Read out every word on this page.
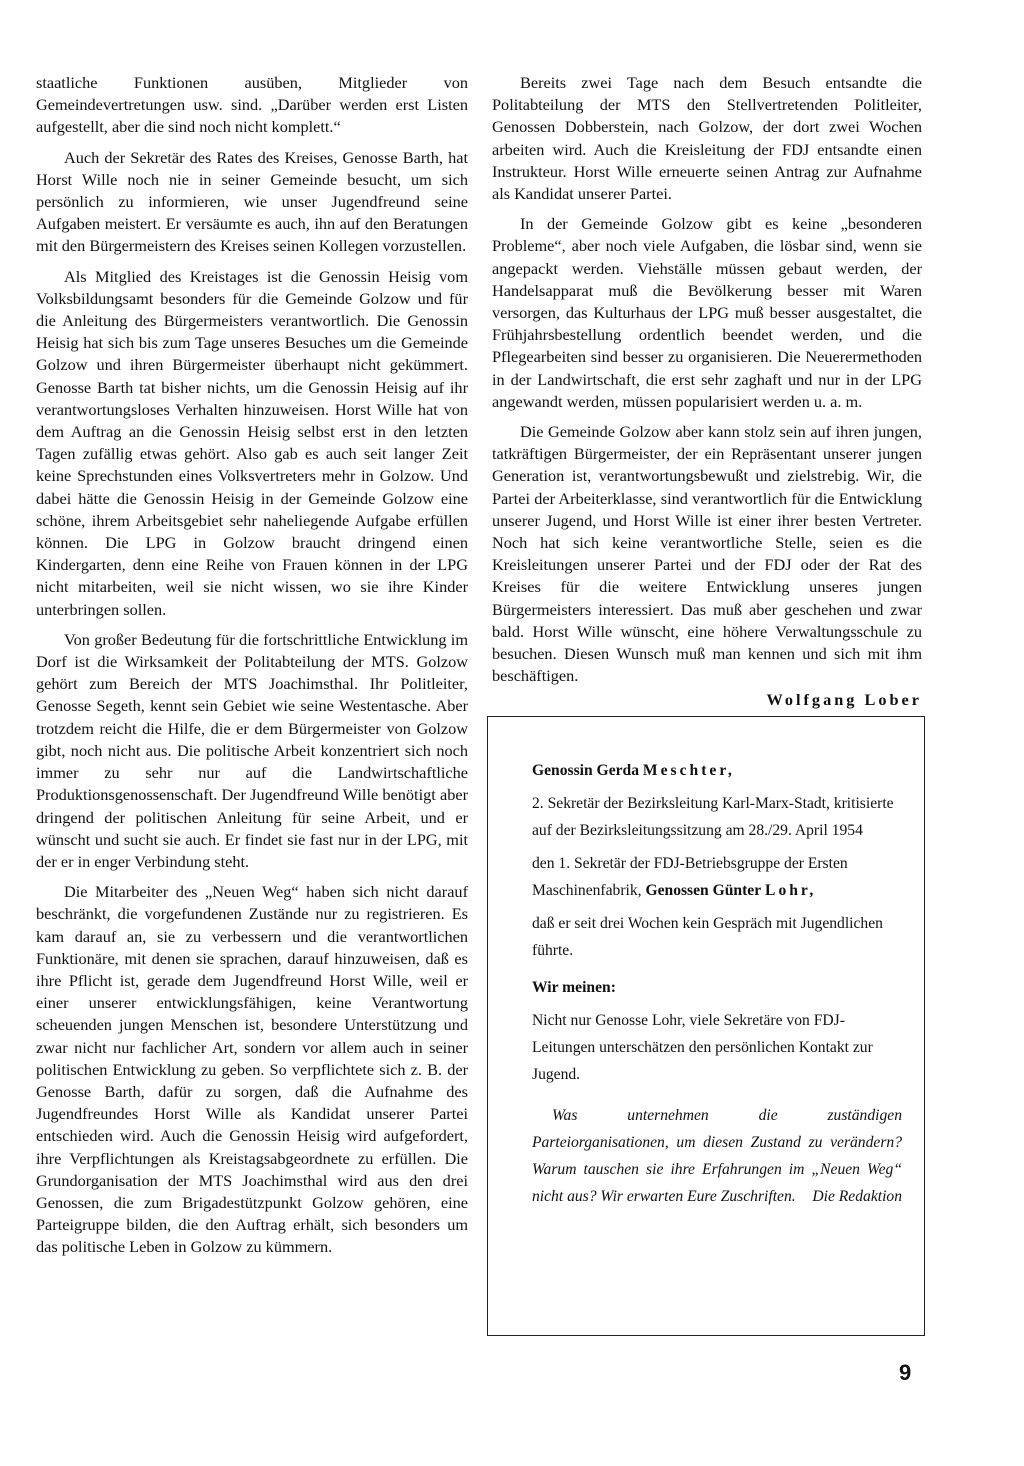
staatliche Funktionen ausüben, Mitglieder von Gemeindevertretungen usw. sind. „Darüber werden erst Listen aufgestellt, aber die sind noch nicht komplett.“

Auch der Sekretär des Rates des Kreises, Genosse Barth, hat Horst Wille noch nie in seiner Gemeinde besucht, um sich persönlich zu informieren, wie unser Jugendfreund seine Aufgaben meistert. Er versäumte es auch, ihn auf den Beratungen mit den Bürgermeistern des Kreises seinen Kollegen vorzustellen.

Als Mitglied des Kreistages ist die Genossin Heisig vom Volksbildungsamt besonders für die Gemeinde Golzow und für die Anleitung des Bürgermeisters verantwortlich. Die Genossin Heisig hat sich bis zum Tage unseres Besuches um die Gemeinde Golzow und ihren Bürgermeister überhaupt nicht gekümmert. Genosse Barth tat bisher nichts, um die Genossin Heisig auf ihr verantwortungsloses Verhalten hinzuweisen. Horst Wille hat von dem Auftrag an die Genossin Heisig selbst erst in den letzten Tagen zufällig etwas gehört. Also gab es auch seit langer Zeit keine Sprechstunden eines Volksvertreters mehr in Golzow. Und dabei hätte die Genossin Heisig in der Gemeinde Golzow eine schöne, ihrem Arbeitsgebiet sehr naheliegende Aufgabe erfüllen können. Die LPG in Golzow braucht dringend einen Kindergarten, denn eine Reihe von Frauen können in der LPG nicht mitarbeiten, weil sie nicht wissen, wo sie ihre Kinder unterbringen sollen.

Von großer Bedeutung für die fortschrittliche Entwicklung im Dorf ist die Wirksamkeit der Politabteilung der MTS. Golzow gehört zum Bereich der MTS Joachimsthal. Ihr Politleiter, Genosse Segeth, kennt sein Gebiet wie seine Westentasche. Aber trotzdem reicht die Hilfe, die er dem Bürgermeister von Golzow gibt, noch nicht aus. Die politische Arbeit konzentriert sich noch immer zu sehr nur auf die Landwirtschaftliche Produktionsgenossenschaft. Der Jugendfreund Wille benötigt aber dringend der politischen Anleitung für seine Arbeit, und er wünscht und sucht sie auch. Er findet sie fast nur in der LPG, mit der er in enger Verbindung steht.

Die Mitarbeiter des „Neuen Weg“ haben sich nicht darauf beschränkt, die vorgefundenen Zustände nur zu registrieren. Es kam darauf an, sie zu verbessern und die verantwortlichen Funktionäre, mit denen sie sprachen, darauf hinzuweisen, daß es ihre Pflicht ist, gerade dem Jugendfreund Horst Wille, weil er einer unserer entwicklungsfähigen, keine Verantwortung scheuenden jungen Menschen ist, besondere Unterstützung und zwar nicht nur fachlicher Art, sondern vor allem auch in seiner politischen Entwicklung zu geben. So verpflichtete sich z. B. der Genosse Barth, dafür zu sorgen, daß die Aufnahme des Jugendfreundes Horst Wille als Kandidat unserer Partei entschieden wird. Auch die Genossin Heisig wird aufgefordert, ihre Verpflichtungen als Kreistagsabgeordnete zu erfüllen. Die Grundorganisation der MTS Joachimsthal wird aus den drei Genossen, die zum Brigadestützpunkt Golzow gehören, eine Parteigruppe bilden, die den Auftrag erhält, sich besonders um das politische Leben in Golzow zu kümmern.

Bereits zwei Tage nach dem Besuch entsandte die Politabteilung der MTS den Stellvertretenden Politleiter, Genossen Dobberstein, nach Golzow, der dort zwei Wochen arbeiten wird. Auch die Kreisleitung der FDJ entsandte einen Instrukteur. Horst Wille erneuerte seinen Antrag zur Aufnahme als Kandidat unserer Partei.

In der Gemeinde Golzow gibt es keine „besonderen Probleme“, aber noch viele Aufgaben, die lösbar sind, wenn sie angepackt werden. Viehställe müssen gebaut werden, der Handelsapparat muß die Bevölkerung besser mit Waren versorgen, das Kulturhaus der LPG muß besser ausgestaltet, die Frühjahrsbestellung ordentlich beendet werden, und die Pflegearbeiten sind besser zu organisieren. Die Neuerermethoden in der Landwirtschaft, die erst sehr zaghaft und nur in der LPG angewandt werden, müssen popularisiert werden u. a. m.

Die Gemeinde Golzow aber kann stolz sein auf ihren jungen, tatkräftigen Bürgermeister, der ein Repräsentant unserer jungen Generation ist, verantwortungsbewußt und zielstrebig. Wir, die Partei der Arbeiterklasse, sind verantwortlich für die Entwicklung unserer Jugend, und Horst Wille ist einer ihrer besten Vertreter. Noch hat sich keine verantwortliche Stelle, seien es die Kreisleitungen unserer Partei und der FDJ oder der Rat des Kreises für die weitere Entwicklung unseres jungen Bürgermeisters interessiert. Das muß aber geschehen und zwar bald. Horst Wille wünscht, eine höhere Verwaltungsschule zu besuchen. Diesen Wunsch muß man kennen und sich mit ihm beschäftigen.

Wolfgang Lober

Genossin Gerda Meschter,

2. Sekretär der Bezirksleitung Karl-Marx-Stadt, kritisierte auf der Bezirksleitungssitzung am 28./29. April 1954

den 1. Sekretär der FDJ-Betriebsgruppe der Ersten Maschinenfabrik, Genossen Günter Lohr,

daß er seit drei Wochen kein Gespräch mit Jugendlichen führte.

Wir meinen:

Nicht nur Genosse Lohr, viele Sekretäre von FDJ-Leitungen unterschätzen den persönlichen Kontakt zur Jugend.

Was unternehmen die zuständigen Parteiorganisationen, um diesen Zustand zu verändern? Warum tauschen sie ihre Erfahrungen im „Neuen Weg“ nicht aus? Wir erwarten Eure Zuschriften.	Die Redaktion

9
